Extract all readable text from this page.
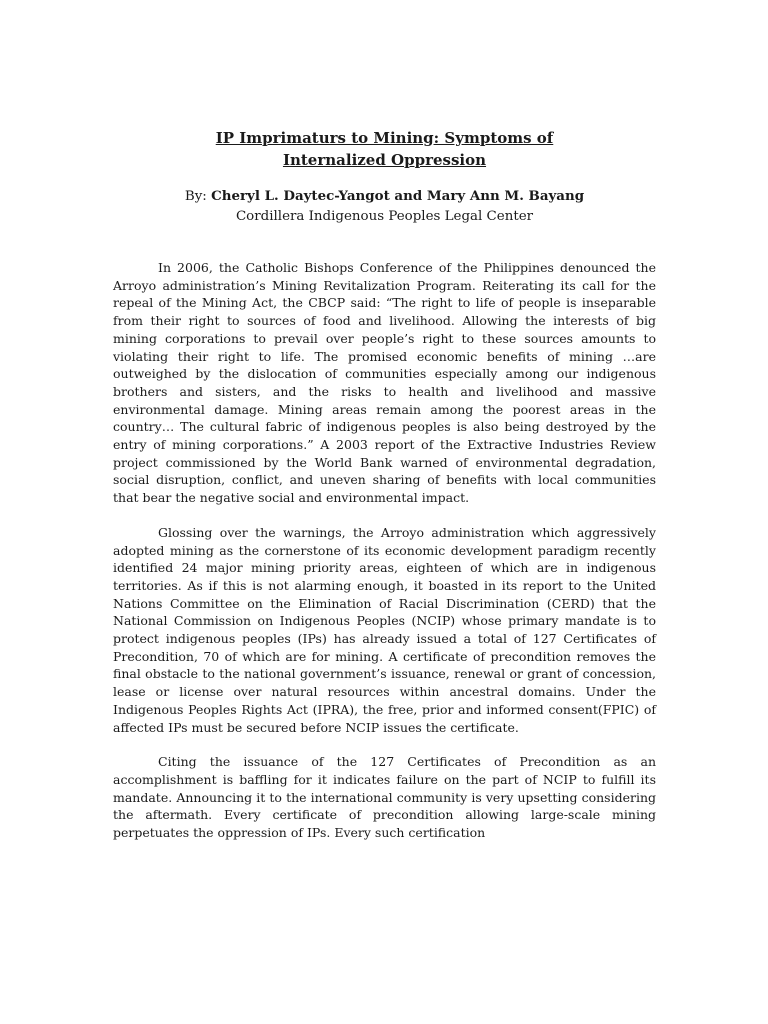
IP Imprimaturs to Mining: Symptoms of
Internalized Oppression
By: Cheryl L. Daytec-Yangot and Mary Ann M. Bayang
Cordillera Indigenous Peoples Legal Center

In 2006, the Catholic Bishops Conference of the Philippines denounced the Arroyo administration’s Mining Revitalization Program. Reiterating its call for the repeal of the Mining Act, the CBCP said: “The right to life of people is inseparable from their right to sources of food and livelihood. Allowing the interests of big mining corporations to prevail over people’s right to these sources amounts to violating their right to life. The promised economic benefits of mining …are outweighed by the dislocation of communities especially among our indigenous brothers and sisters, and the risks to health and livelihood and massive environmental damage. Mining areas remain among the poorest areas in the country… The cultural fabric of indigenous peoples is also being destroyed by the entry of mining corporations.” A 2003 report of the Extractive Industries Review project commissioned by the World Bank warned of environmental degradation, social disruption, conflict, and uneven sharing of benefits with local communities that bear the negative social and environmental impact.

Glossing over the warnings, the Arroyo administration which aggressively adopted mining as the cornerstone of its economic development paradigm recently identified 24 major mining priority areas, eighteen of which are in indigenous territories. As if this is not alarming enough, it boasted in its report to the United Nations Committee on the Elimination of Racial Discrimination (CERD) that the National Commission on Indigenous Peoples (NCIP) whose primary mandate is to protect indigenous peoples (IPs) has already issued a total of 127 Certificates of Precondition, 70 of which are for mining. A certificate of precondition removes the final obstacle to the national government’s issuance, renewal or grant of concession, lease or license over natural resources within ancestral domains. Under the Indigenous Peoples Rights Act (IPRA), the free, prior and informed consent(FPIC) of affected IPs must be secured before NCIP issues the certificate.

Citing the issuance of the 127 Certificates of Precondition as an accomplishment is baffling for it indicates failure on the part of NCIP to fulfill its mandate. Announcing it to the international community is very upsetting considering the aftermath. Every certificate of precondition allowing large-scale mining perpetuates the oppression of IPs. Every such certification
